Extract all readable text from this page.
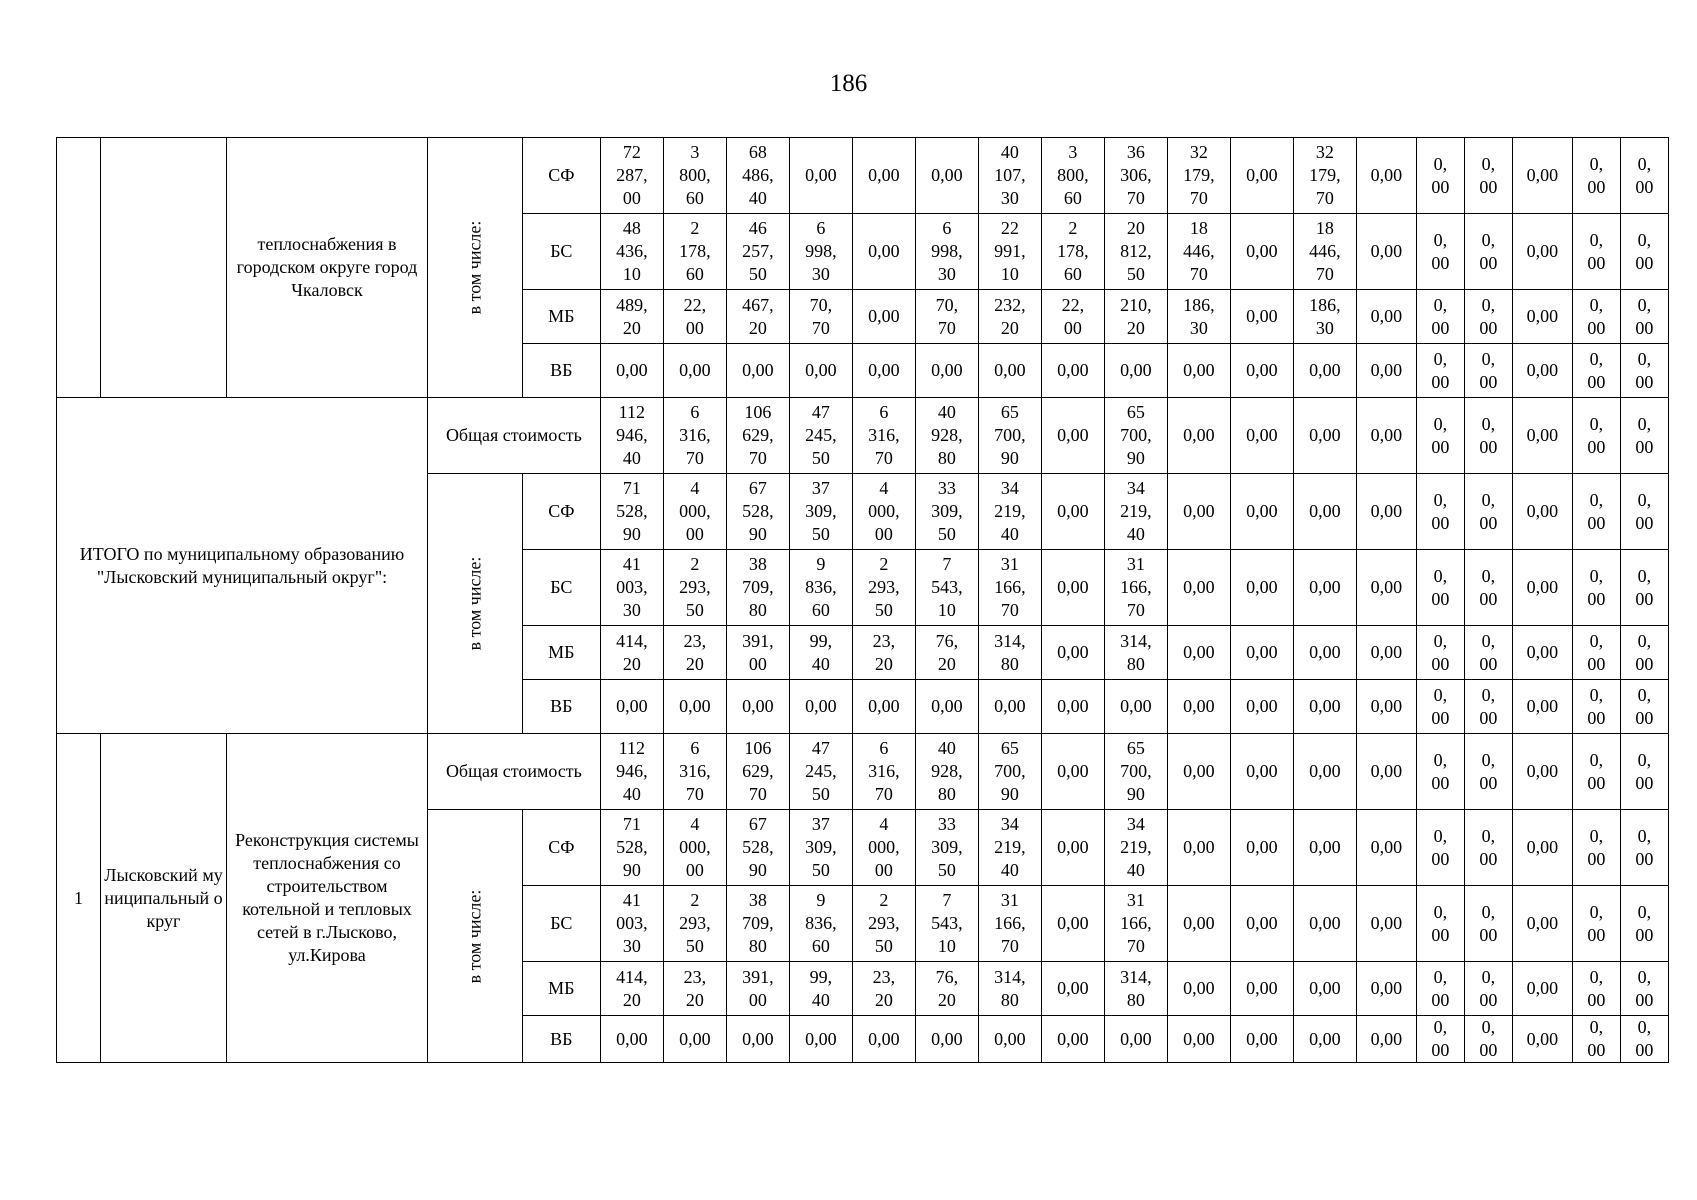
186
		теплоснабжения в городском округе город Чкаловск	в том числе:	СФ	72
287,
00	3
800,
60	68
486,
40	0,00	0,00	0,00	40
107,
30	3
800,
60	36
306,
70	32
179,
70	0,00	32
179,
70	0,00	0,
00	0,
00	0,00	0,
00	0,
00

				БС	48
436,
10	2
178,
60	46
257,
50	6
998,
30	0,00	6
998,
30	22
991,
10	2
178,
60	20
812,
50	18
446,
70	0,00	18
446,
70	0,00	0,
00	0,
00	0,00	0,
00	0,
00

				МБ	489,
20	22,
00	467,
20	70,
70	0,00	70,
70	232,
20	22,
00	210,
20	186,
30	0,00	186,
30	0,00	0,
00	0,
00	0,00	0,
00	0,
00

				ВБ	0,00	0,00	0,00	0,00	0,00	0,00	0,00	0,00	0,00	0,00	0,00	0,00	0,00	0,
00	0,
00	0,00	0,
00	0,
00

ИТОГО по муниципальному образованию "Лысковский муниципальный округ":			Общая стоимость		112
946,
40	6
316,
70	106
629,
70	47
245,
50	6
316,
70	40
928,
80	65
700,
90	0,00	65
700,
90	0,00	0,00	0,00	0,00	0,
00	0,
00	0,00	0,
00	0,
00

			в том числе:	СФ	71
528,
90	4
000,
00	67
528,
90	37
309,
50	4
000,
00	33
309,
50	34
219,
40	0,00	34
219,
40	0,00	0,00	0,00	0,00	0,
00	0,
00	0,00	0,
00	0,
00

				БС	41
003,
30	2
293,
50	38
709,
80	9
836,
60	2
293,
50	7
543,
10	31
166,
70	0,00	31
166,
70	0,00	0,00	0,00	0,00	0,
00	0,
00	0,00	0,
00	0,
00

				МБ	414,
20	23,
20	391,
00	99,
40	23,
20	76,
20	314,
80	0,00	314,
80	0,00	0,00	0,00	0,00	0,
00	0,
00	0,00	0,
00	0,
00

				ВБ	0,00	0,00	0,00	0,00	0,00	0,00	0,00	0,00	0,00	0,00	0,00	0,00	0,00	0,
00	0,
00	0,00	0,
00	0,
00

1	Лысковский муниципальный округ	Реконструкция системы теплоснабжения со строительством котельной и тепловых сетей в г.Лысково, ул.Кирова	Общая стоимость		112
946,
40	6
316,
70	106
629,
70	47
245,
50	6
316,
70	40
928,
80	65
700,
90	0,00	65
700,
90	0,00	0,00	0,00	0,00	0,
00	0,
00	0,00	0,
00	0,
00

			в том числе:	СФ	71
528,
90	4
000,
00	67
528,
90	37
309,
50	4
000,
00	33
309,
50	34
219,
40	0,00	34
219,
40	0,00	0,00	0,00	0,00	0,
00	0,
00	0,00	0,
00	0,
00

				БС	41
003,
30	2
293,
50	38
709,
80	9
836,
60	2
293,
50	7
543,
10	31
166,
70	0,00	31
166,
70	0,00	0,00	0,00	0,00	0,
00	0,
00	0,00	0,
00	0,
00

				МБ	414,
20	23,
20	391,
00	99,
40	23,
20	76,
20	314,
80	0,00	314,
80	0,00	0,00	0,00	0,00	0,
00	0,
00	0,00	0,
00	0,
00

				ВБ	0,00	0,00	0,00	0,00	0,00	0,00	0,00	0,00	0,00	0,00	0,00	0,00	0,00	0,
00	0,
00	0,00	0,
00	0,
00
